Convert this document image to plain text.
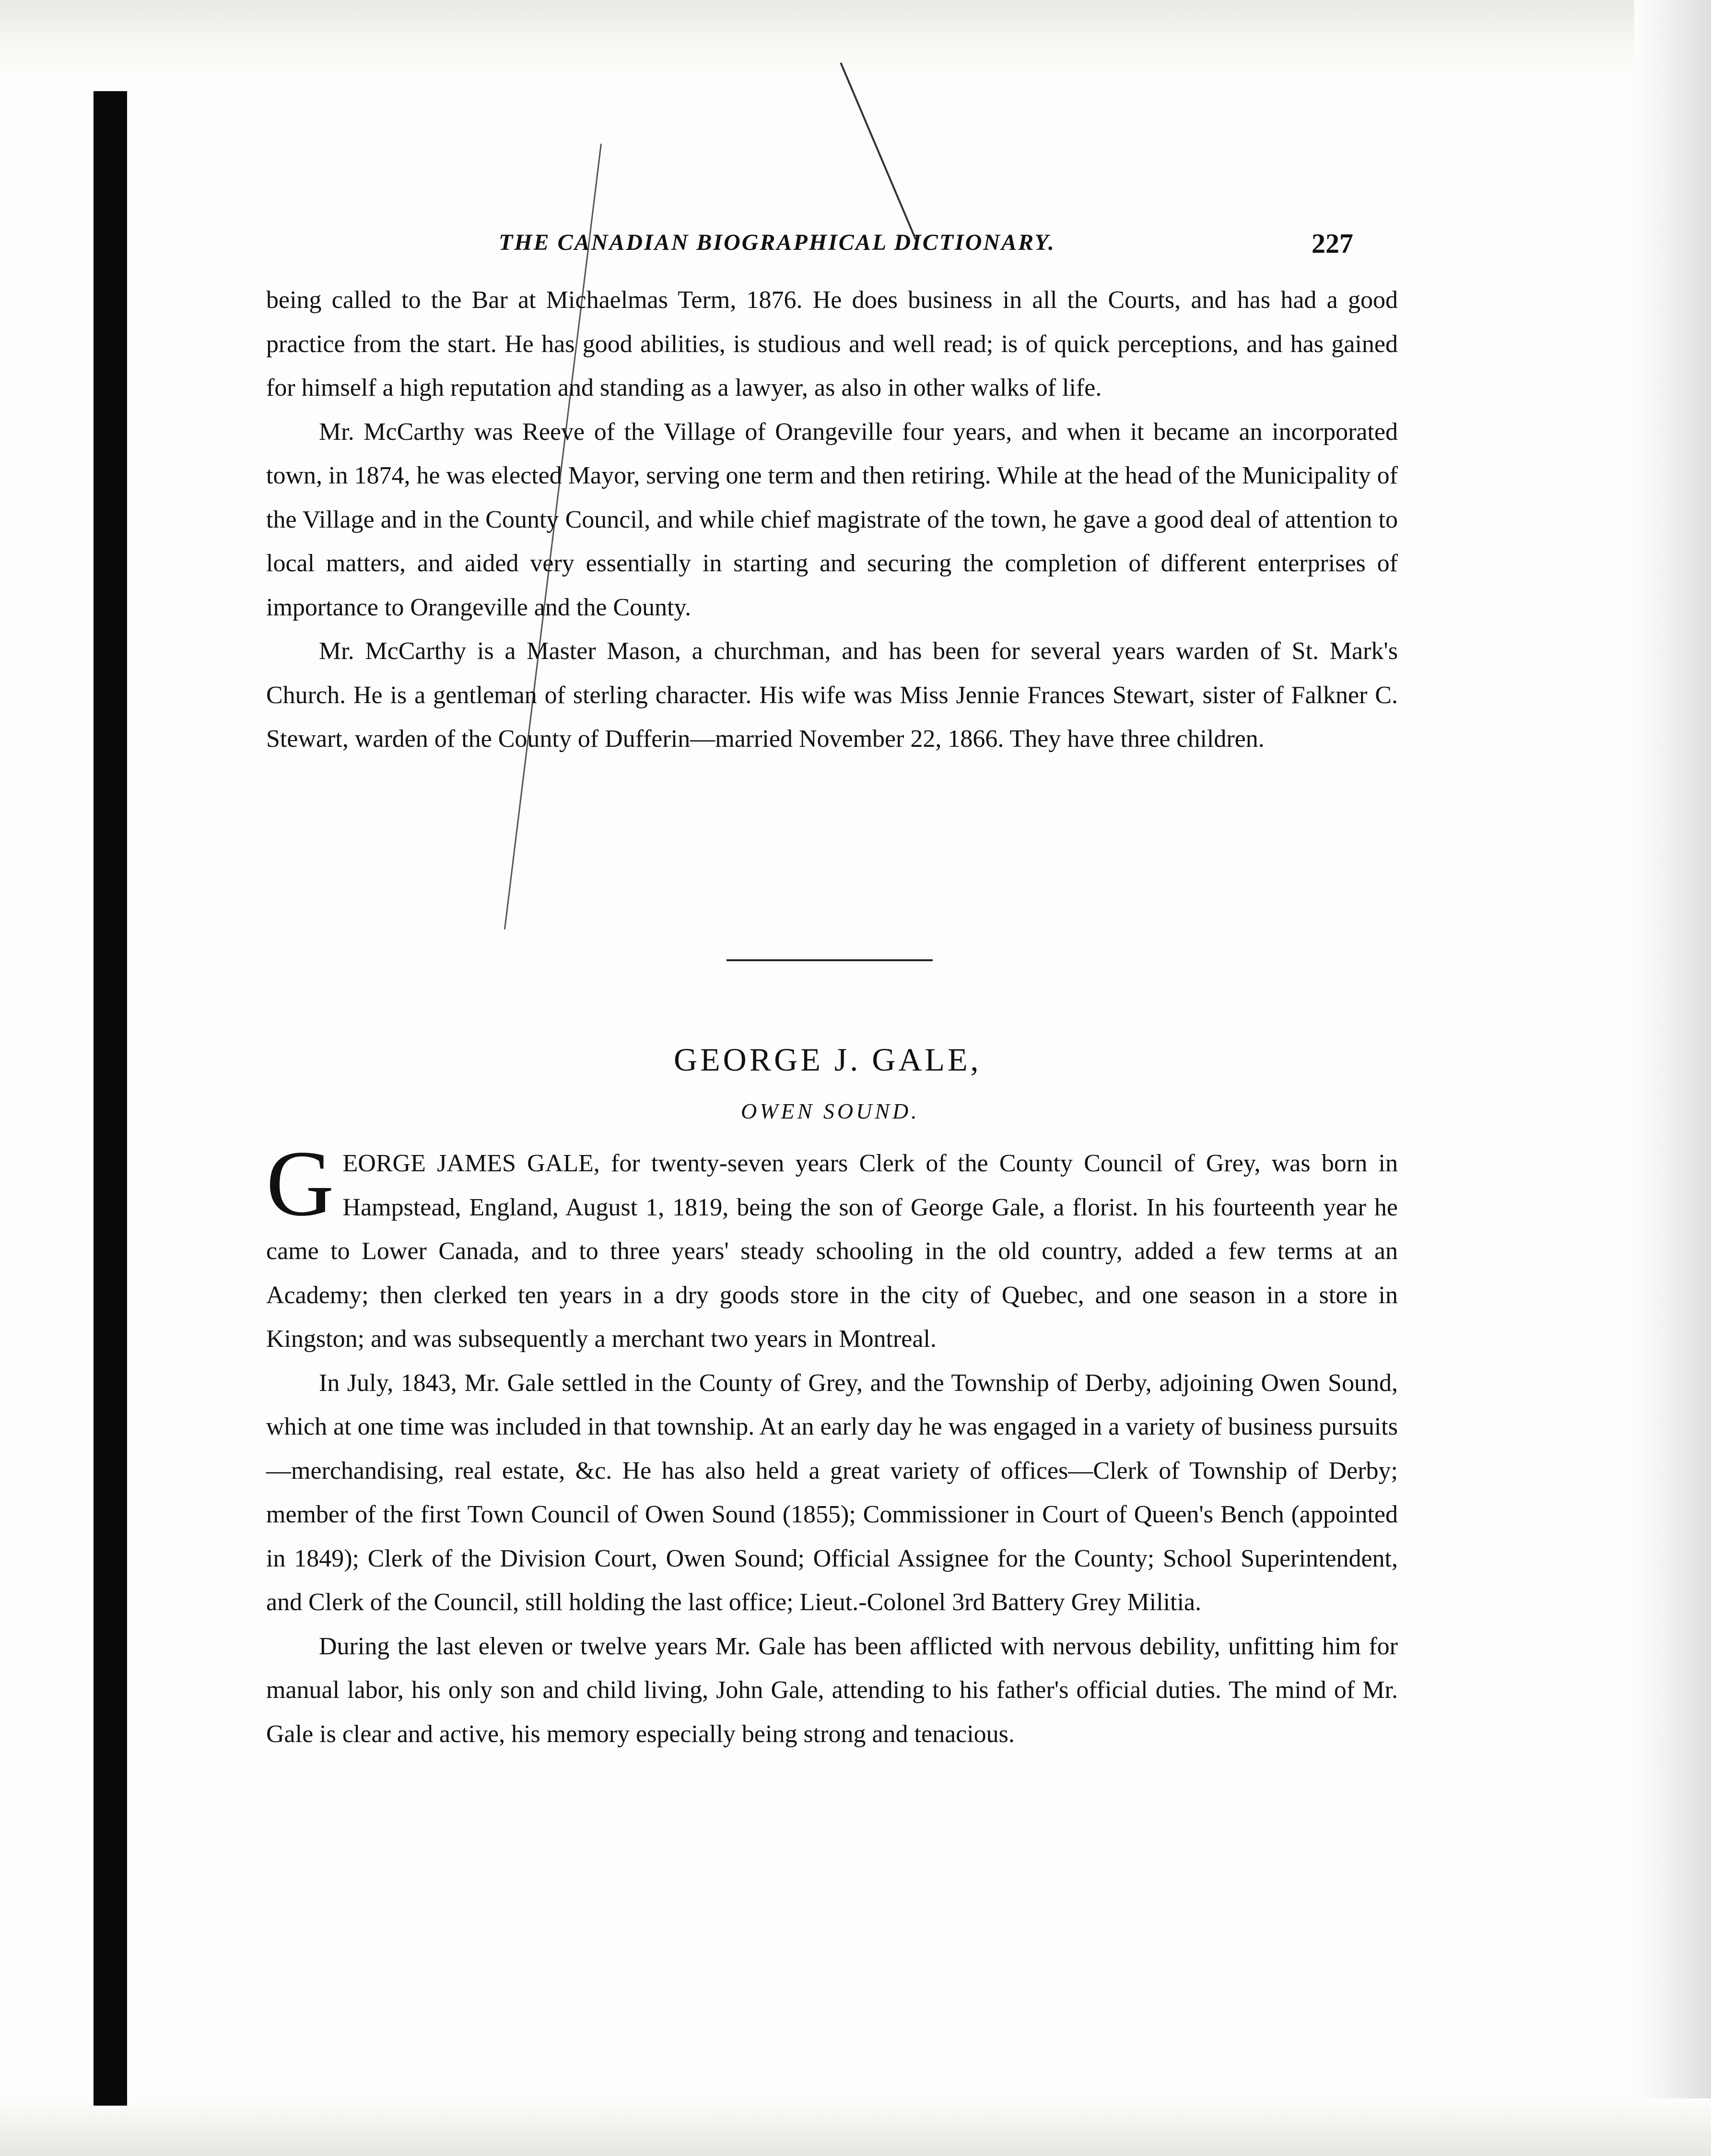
THE CANADIAN BIOGRAPHICAL DICTIONARY.	227

being called to the Bar at Michaelmas Term, 1876. He does business in all the Courts, and has had a good practice from the start. He has good abilities, is studious and well read; is of quick perceptions, and has gained for himself a high reputation and standing as a lawyer, as also in other walks of life.

Mr. McCarthy was Reeve of the Village of Orangeville four years, and when it became an incorporated town, in 1874, he was elected Mayor, serving one term and then retiring. While at the head of the Municipality of the Village and in the County Council, and while chief magistrate of the town, he gave a good deal of attention to local matters, and aided very essentially in starting and securing the completion of different enterprises of importance to Orangeville and the County.

Mr. McCarthy is a Master Mason, a churchman, and has been for several years warden of St. Mark's Church. He is a gentleman of sterling character. His wife was Miss Jennie Frances Stewart, sister of Falkner C. Stewart, warden of the County of Dufferin—married November 22, 1866. They have three children.

GEORGE J. GALE,
OWEN SOUND.

GEORGE JAMES GALE, for twenty-seven years Clerk of the County Council of Grey, was born in Hampstead, England, August 1, 1819, being the son of George Gale, a florist. In his fourteenth year he came to Lower Canada, and to three years' steady schooling in the old country, added a few terms at an Academy; then clerked ten years in a dry goods store in the city of Quebec, and one season in a store in Kingston; and was subsequently a merchant two years in Montreal.

In July, 1843, Mr. Gale settled in the County of Grey, and the Township of Derby, adjoining Owen Sound, which at one time was included in that township. At an early day he was engaged in a variety of business pursuits—merchandising, real estate, &c. He has also held a great variety of offices—Clerk of Township of Derby; member of the first Town Council of Owen Sound (1855); Commissioner in Court of Queen's Bench (appointed in 1849); Clerk of the Division Court, Owen Sound; Official Assignee for the County; School Superintendent, and Clerk of the Council, still holding the last office; Lieut.-Colonel 3rd Battery Grey Militia.

During the last eleven or twelve years Mr. Gale has been afflicted with nervous debility, unfitting him for manual labor, his only son and child living, John Gale, attending to his father's official duties. The mind of Mr. Gale is clear and active, his memory especially being strong and tenacious.
